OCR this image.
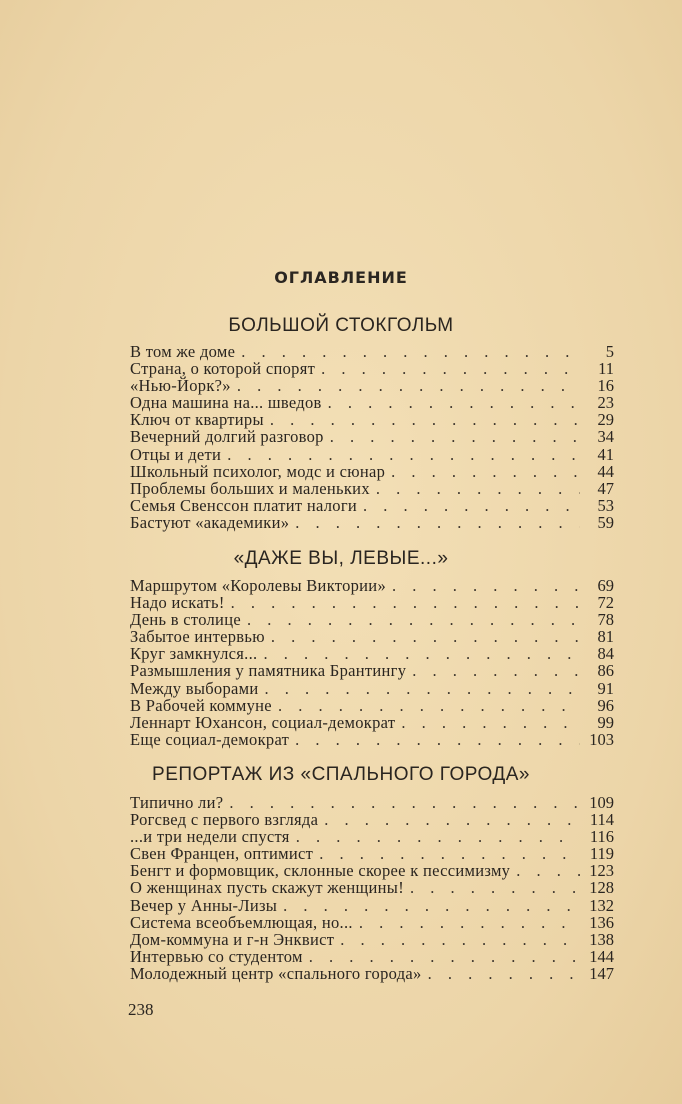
ОГЛАВЛЕНИЕ
БОЛЬШОЙ СТОКГОЛЬМ
В том же доме . . .	5
Страна, о которой спорят . . .	11
«Нью-Йорк?» . . .	16
Одна машина на... шведов . . .	23
Ключ от квартиры . . .	29
Вечерний долгий разговор . . .	34
Отцы и дети . . .	41
Школьный психолог, модс и сюнар . . .	44
Проблемы больших и маленьких . . .	47
Семья Свенссон платит налоги . . .	53
Бастуют «академики» . . .	59
«ДАЖЕ ВЫ, ЛЕВЫЕ...»
Маршрутом «Королевы Виктории» . . .	69
Надо искать! . . .	72
День в столице . . .	78
Забытое интервью . . .	81
Круг замкнулся... . . .	84
Размышления у памятника Брантингу . . .	86
Между выборами . . .	91
В Рабочей коммуне . . .	96
Леннарт Юхансон, социал-демократ . . .	99
Еще социал-демократ . . .	103
РЕПОРТАЖ ИЗ «СПАЛЬНОГО ГОРОДА»
Типично ли? . . .	109
Рогсвед с первого взгляда . . .	114
...и три недели спустя . . .	116
Свен Францен, оптимист . . .	119
Бенгт и формовщик, склонные скорее к пессимизму . . .	123
О женщинах пусть скажут женщины! . . .	128
Вечер у Анны-Лизы . . .	132
Система всеобъемлющая, но... . . .	136
Дом-коммуна и г-н Энквист . . .	138
Интервью со студентом . . .	144
Молодежный центр «спального города» . . .	147
238
